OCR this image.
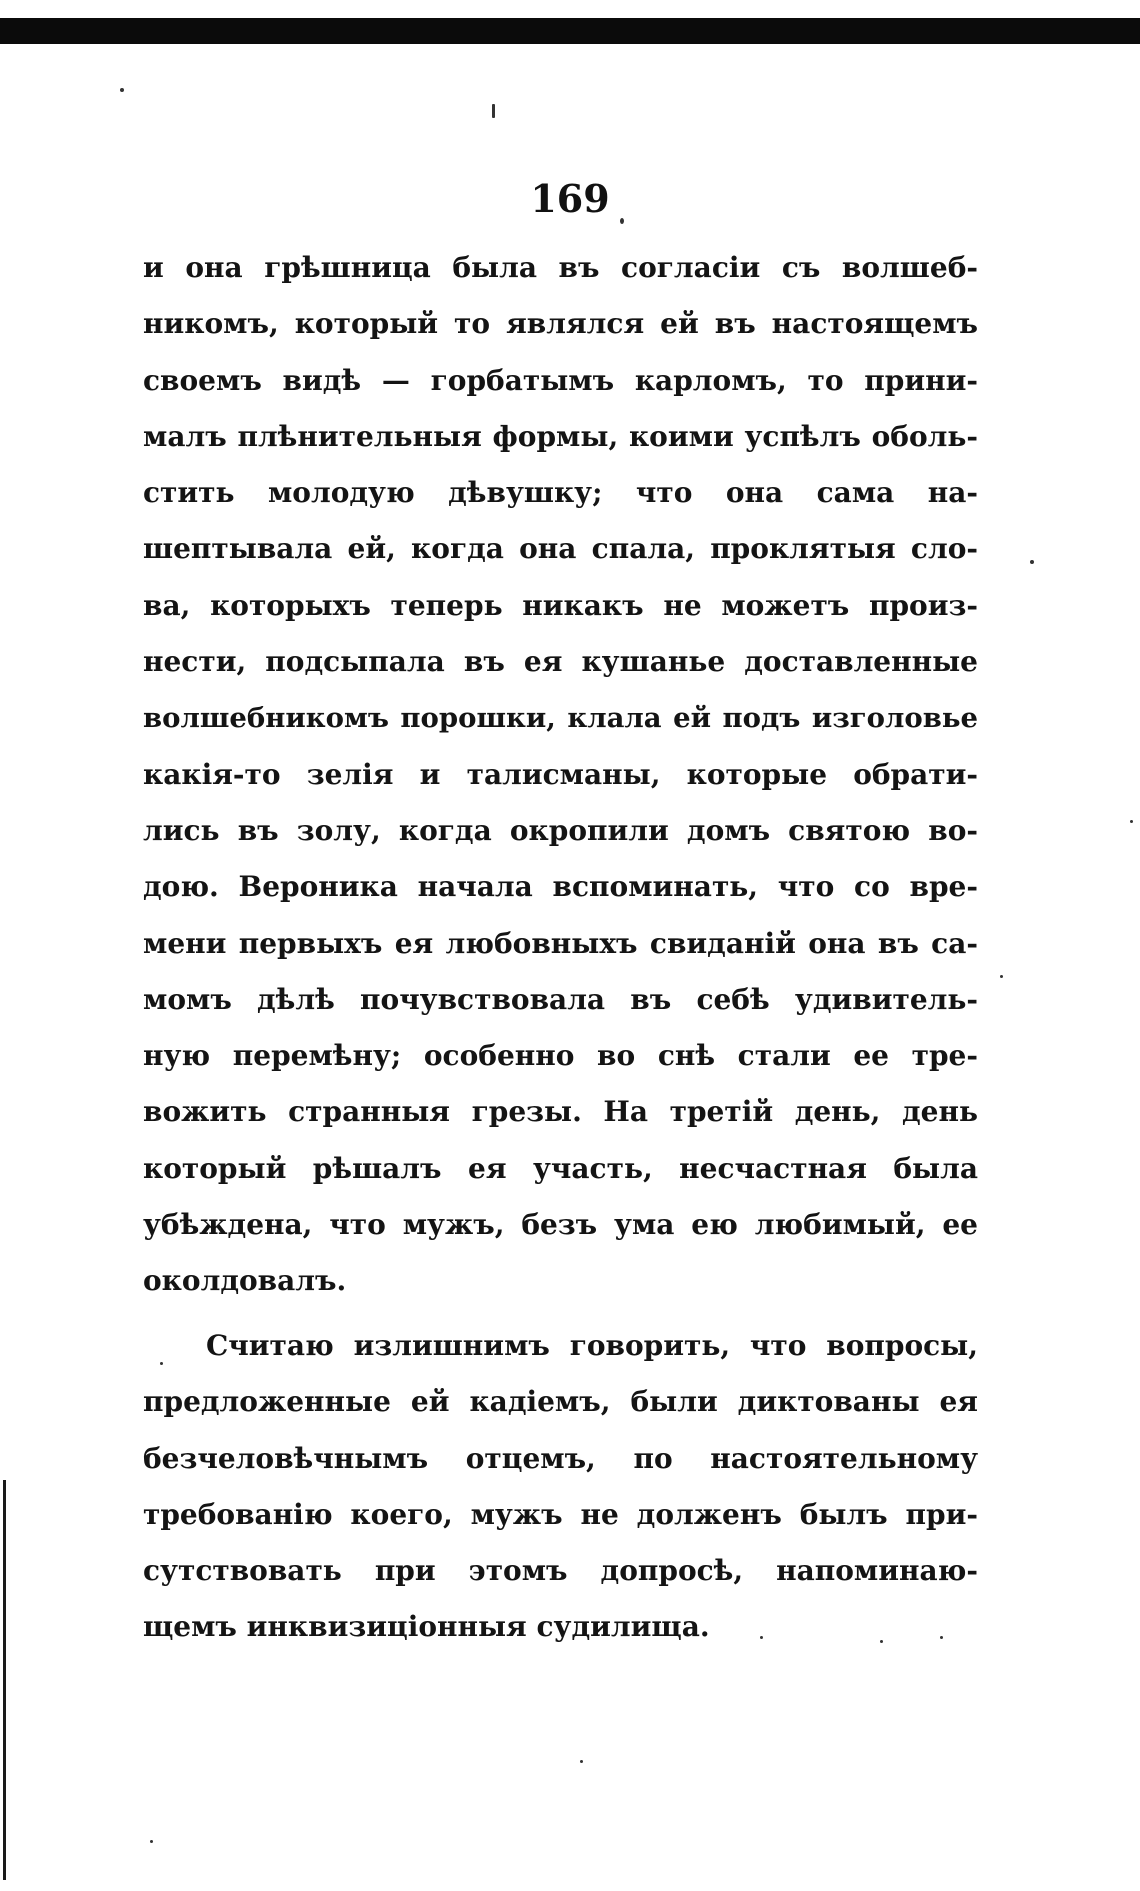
169
и она грѣшница была въ согласіи съ волшеб-
никомъ, который то являлся ей въ настоящемъ
своемъ видѣ — горбатымъ карломъ, то прини-
малъ плѣнительныя формы, коими успѣлъ оболь-
стить молодую дѣвушку; что она сама на-
шептывала ей, когда она спала, проклятыя сло-
ва, которыхъ теперь никакъ не можетъ произ-
нести, подсыпала въ ея кушанье доставленные
волшебникомъ порошки, клала ей подъ изголовье
какія-то зелія и талисманы, которые обрати-
лись въ золу, когда окропили домъ святою во-
дою. Вероника начала вспоминать, что со вре-
мени первыхъ ея любовныхъ свиданій она въ са-
момъ дѣлѣ почувствовала въ себѣ удивитель-
ную перемѣну; особенно во снѣ стали ее тре-
вожить странныя грезы. На третій день, день
который рѣшалъ ея участь, несчастная была
убѣждена, что мужъ, безъ ума ею любимый, ее
околдовалъ.
Считаю излишнимъ говорить, что вопросы,
предложенные ей кадіемъ, были диктованы ея
безчеловѣчнымъ отцемъ, по настоятельному
требованію коего, мужъ не долженъ былъ при-
сутствовать при этомъ допросѣ, напоминаю-
щемъ инквизиціонныя судилища.
